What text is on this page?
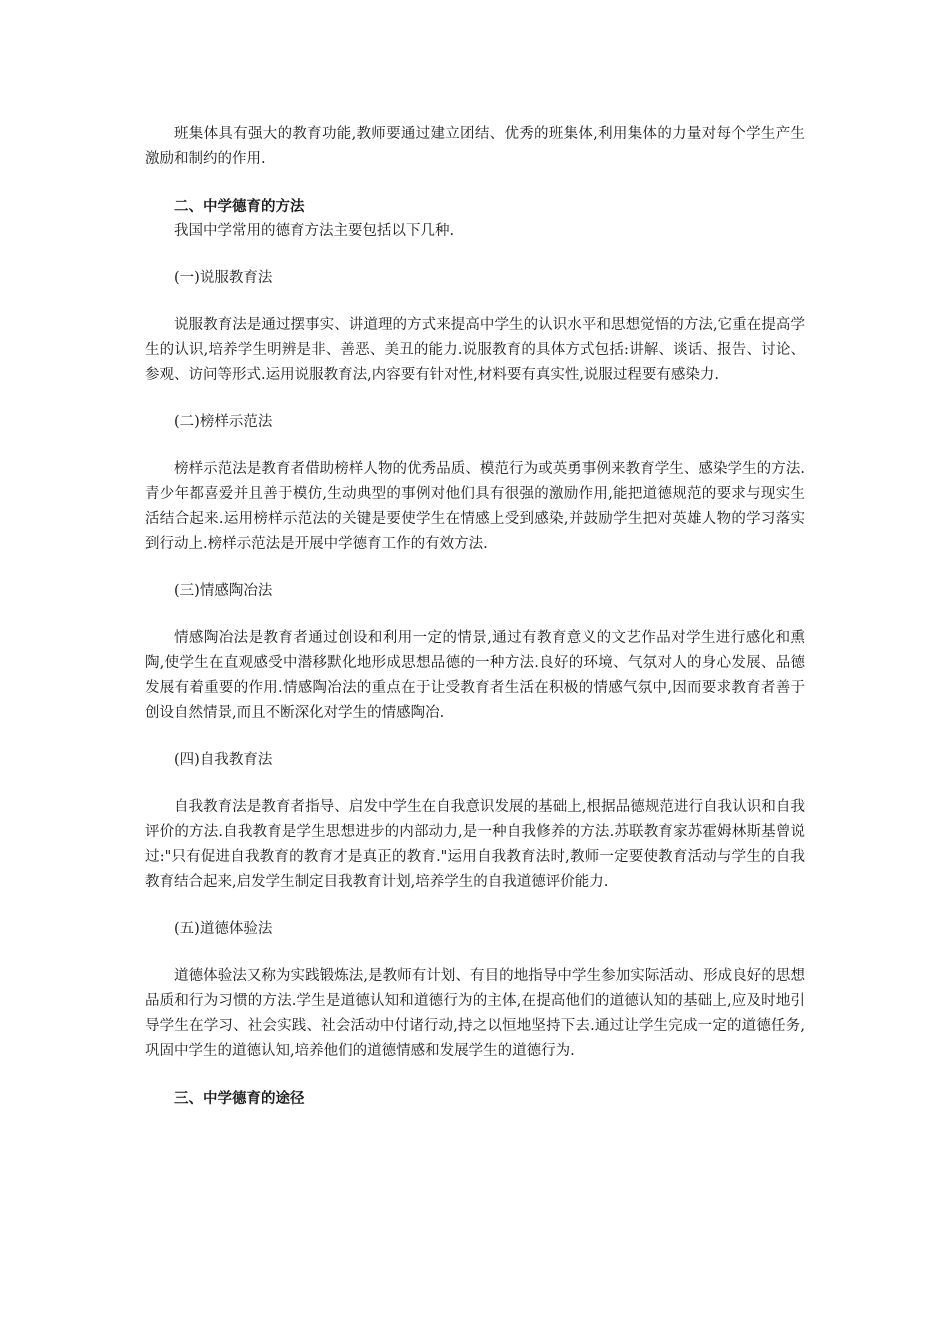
班集体具有强大的教育功能,教师要通过建立团结、优秀的班集体,利用集体的力量对每个学生产生激励和制约的作用.

二、中学德育的方法

我国中学常用的德育方法主要包括以下几种.

(一)说服教育法

说服教育法是通过摆事实、讲道理的方式来提高中学生的认识水平和思想觉悟的方法,它重在提高学生的认识,培养学生明辨是非、善恶、美丑的能力.说服教育的具体方式包括:讲解、谈话、报告、讨论、参观、访问等形式.运用说服教育法,内容要有针对性,材料要有真实性,说服过程要有感染力.

(二)榜样示范法

榜样示范法是教育者借助榜样人物的优秀品质、模范行为或英勇事例来教育学生、感染学生的方法.青少年都喜爱并且善于模仿,生动典型的事例对他们具有很强的激励作用,能把道德规范的要求与现实生活结合起来.运用榜样示范法的关键是要使学生在情感上受到感染,并鼓励学生把对英雄人物的学习落实到行动上.榜样示范法是开展中学德育工作的有效方法.

(三)情感陶冶法

情感陶冶法是教育者通过创设和利用一定的情景,通过有教育意义的文艺作品对学生进行感化和熏陶,使学生在直观感受中潜移默化地形成思想品德的一种方法.良好的环境、气氛对人的身心发展、品德发展有着重要的作用.情感陶冶法的重点在于让受教育者生活在积极的情感气氛中,因而要求教育者善于创设自然情景,而且不断深化对学生的情感陶冶.

(四)自我教育法

自我教育法是教育者指导、启发中学生在自我意识发展的基础上,根据品德规范进行自我认识和自我评价的方法.自我教育是学生思想进步的内部动力,是一种自我修养的方法.苏联教育家苏霍姆林斯基曾说过:"只有促进自我教育的教育才是真正的教育."运用自我教育法时,教师一定要使教育活动与学生的自我教育结合起来,启发学生制定目我教育计划,培养学生的自我道德评价能力.

(五)道德体验法

道德体验法又称为实践锻炼法,是教师有计划、有目的地指导中学生参加实际活动、形成良好的思想品质和行为习惯的方法.学生是道德认知和道德行为的主体,在提高他们的道德认知的基础上,应及时地引导学生在学习、社会实践、社会活动中付诸行动,持之以恒地坚持下去.通过让学生完成一定的道德任务,巩固中学生的道德认知,培养他们的道德情感和发展学生的道德行为.

三、中学德育的途径
